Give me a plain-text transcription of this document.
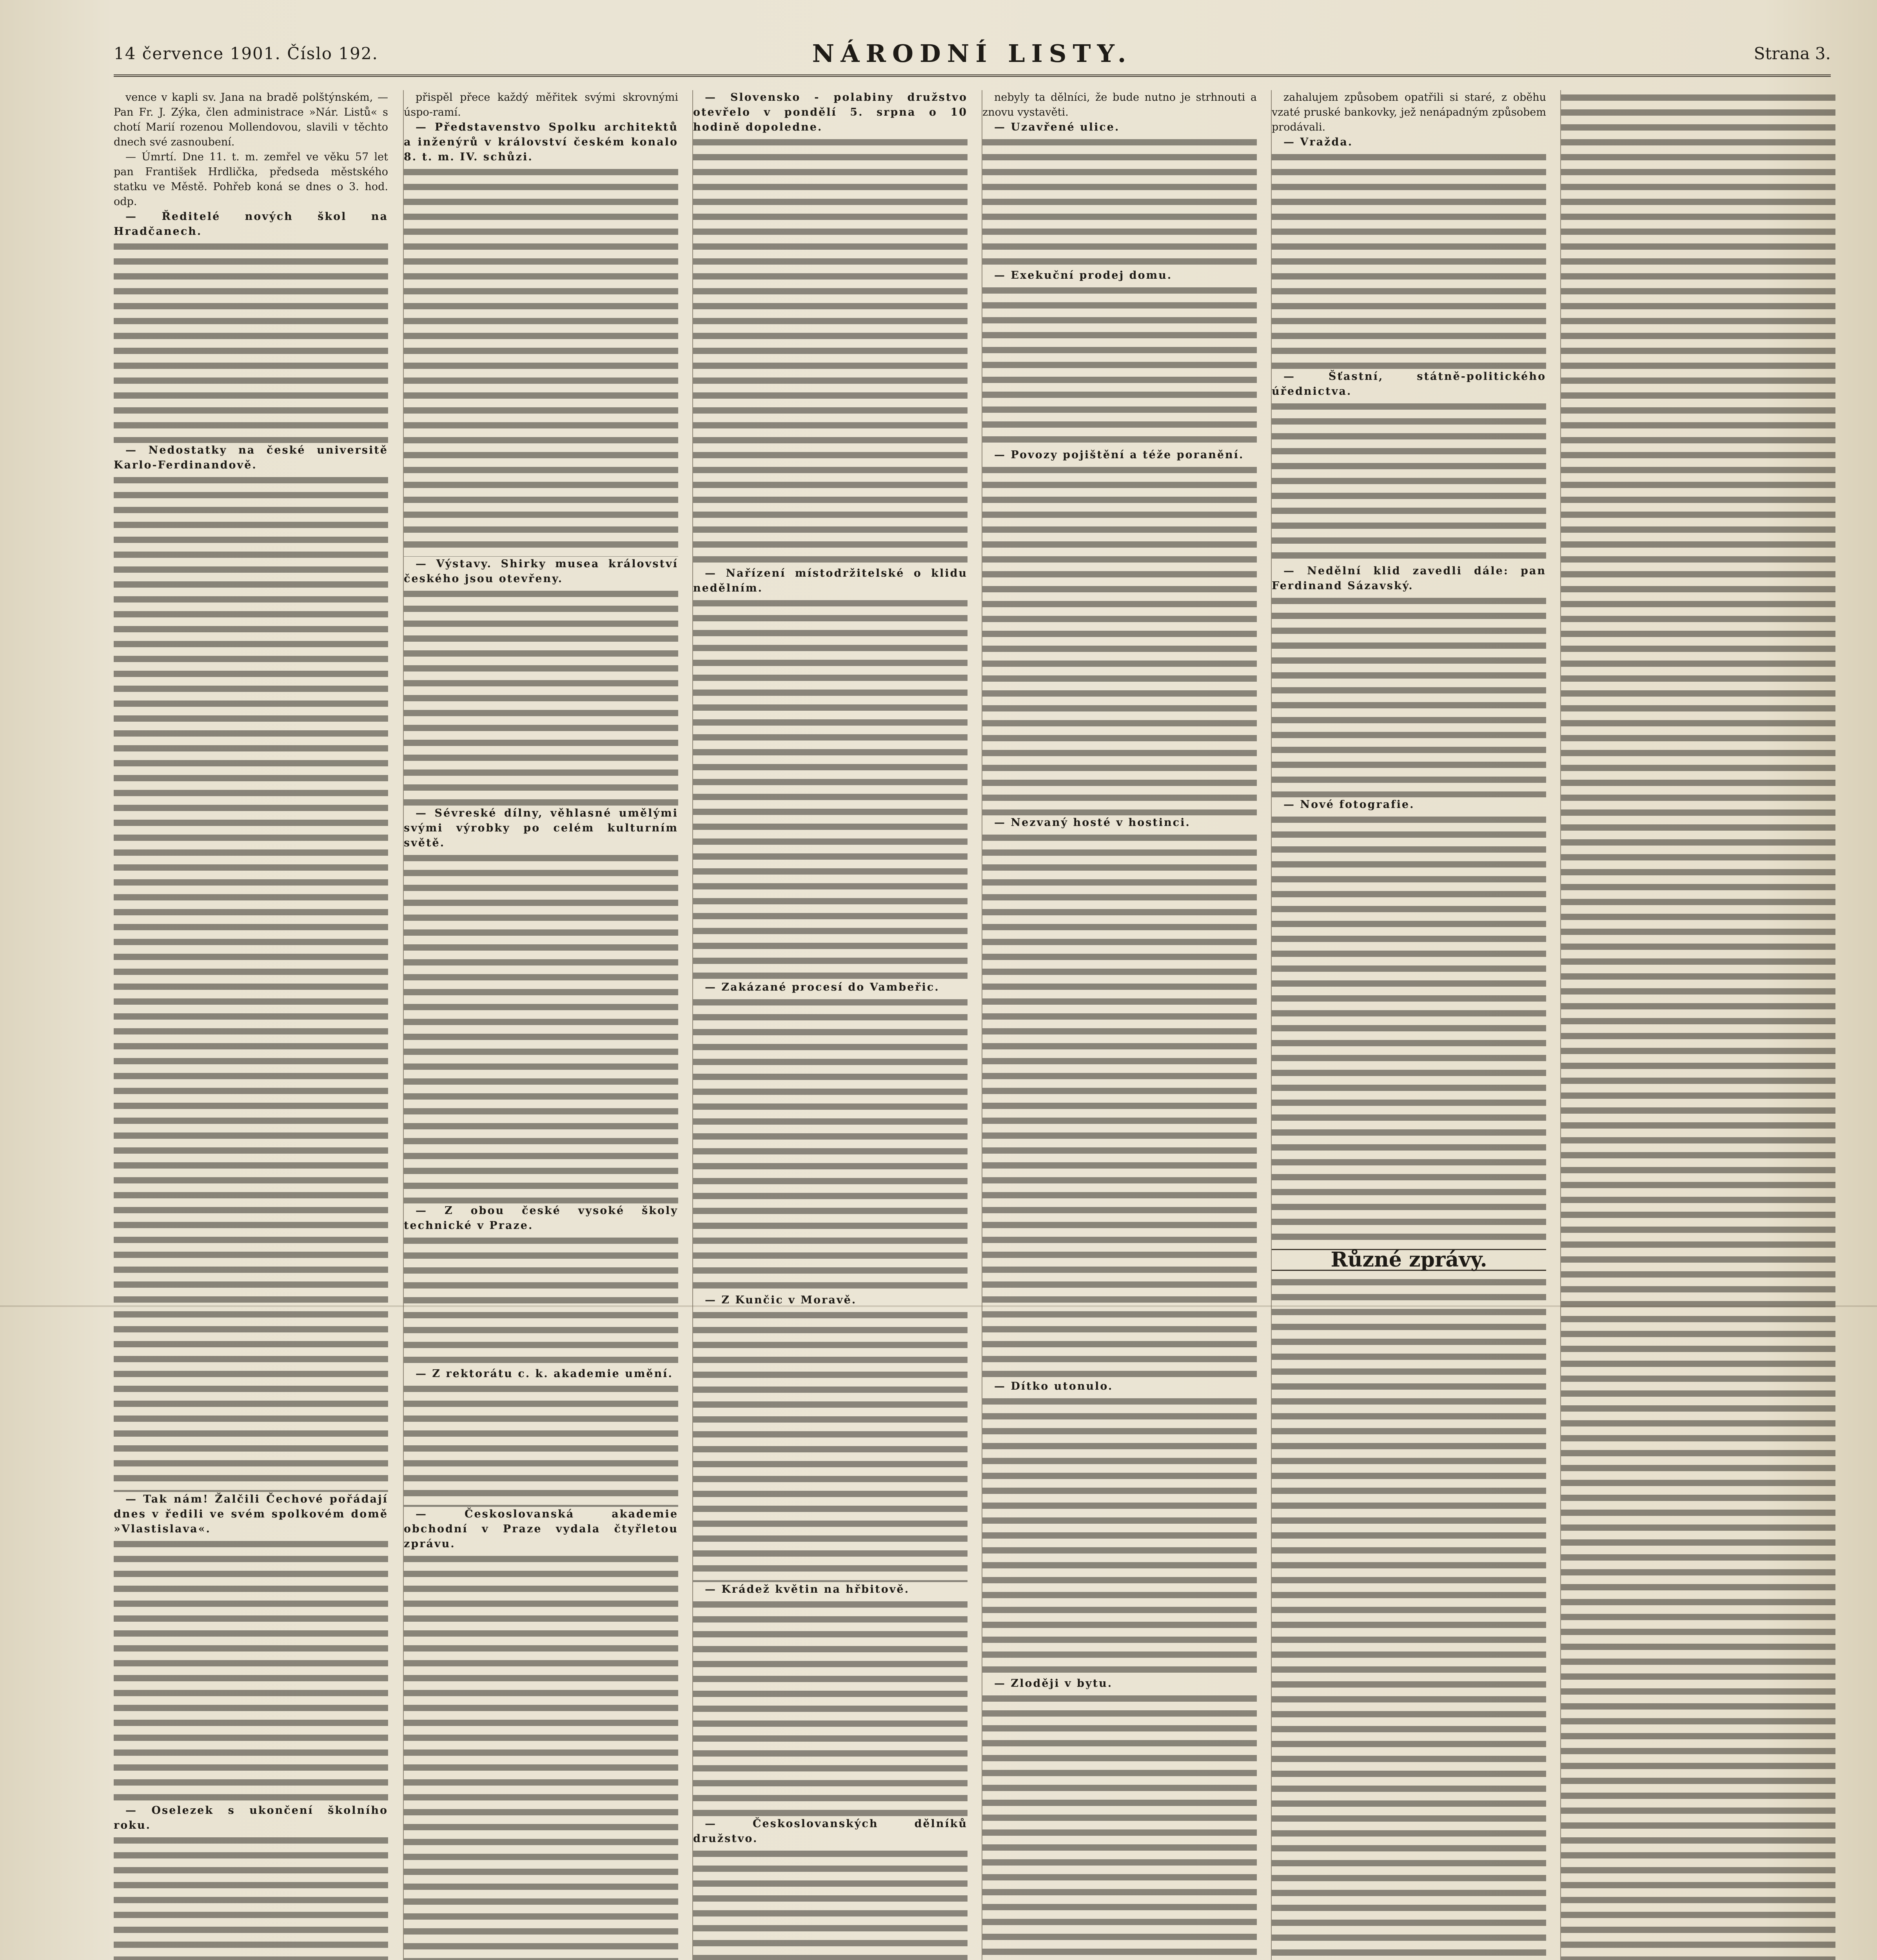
14 července 1901. Číslo 192.	NÁRODNÍ LISTY.	Strana 3.

vence v kapli sv. Jana na bradě polštýnském, — Pan Fr. J. Zýka, člen administrace »Nár. Listů« s chotí Marií rozenou Mollendovou, slavili v těchto dnech své zasnoubení.

— Úmrtí. Dne 11. t. m. zemřel ve věku 57 let pan František Hrdlička, předseda městského statku ve Městě. Pohřeb koná se dnes o 3. hod. odp.

— Ředitelé nových škol na Hradčanech.

— Nedostatky na české universitě Karlo-Ferdinandově.

— Tak nám! Žalčili Čechové pořádají dnes v ředili ve svém spolkovém domě »Vlastislava«.

— Oselezek s ukončení školního roku.

přispěl přece každý měřitek svými skrovnými úspo-ramí.

— Představenstvo Spolku architektů a inženýrů v království českém konalo 8. t. m. IV. schůzi.

— Výstavy. Shirky musea království českého jsou otevřeny.

— Sévreské dílny, věhlasné umělými svými výrobky po celém kulturním světě.

— Z obou české vysoké školy technické v Praze.

— Z rektorátu c. k. akademie umění.

— Českoslovanská akademie obchodní v Praze vydala čtyřletou zprávu.

— Slovensko - polabiny družstvo otevřelo v pondělí 5. srpna o 10 hodině dopoledne.

— Nařízení místodržitelské o klidu nedělním.

— Zakázané procesí do Vambeřic.

— Z Kunčic v Moravě.

— Krádež květin na hřbitově.

— Českoslovanských dělníků družstvo.

nebyly ta dělníci, že bude nutno je strhnouti a znovu vystavěti.

— Uzavřené ulice.

— Exekuční prodej domu.

— Povozy pojištění a téže poranění.

— Nezvaný hosté v hostinci.

— Dítko utonulo.

— Zloději v bytu.

zahalujem způsobem opatřili si staré, z oběhu vzaté pruské bankovky, jež nenápadným způsobem prodávali.

— Vražda.

— Šťastní, státně-politického úřednictva.

— Nedělní klid zavedli dále: pan Ferdinand Sázavský.

— Nové fotografie.

Různé zprávy.
